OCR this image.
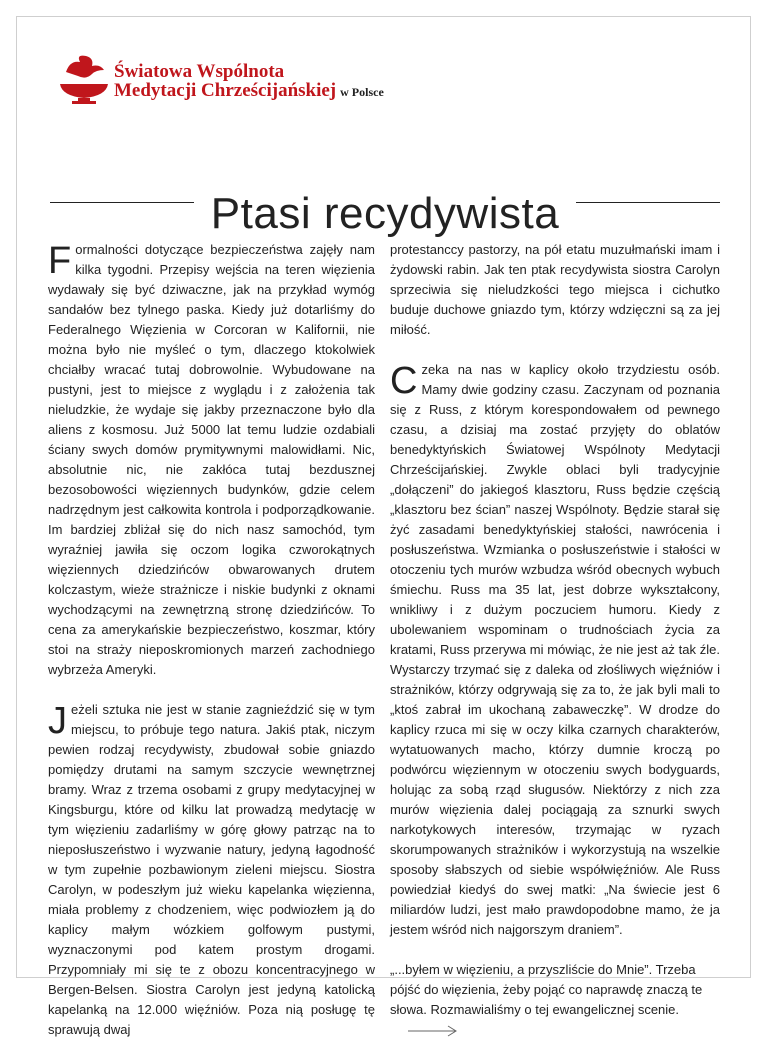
Światowa Wspólnota
Medytacji Chrześcijańskiej w Polsce
Ptasi recydywista

Formalności dotyczące bezpieczeństwa zajęły nam kilka tygodni. Przepisy wejścia na teren więzienia wydawały się być dziwaczne, jak na przykład wymóg sandałów bez tylnego paska. Kiedy już dotarliśmy do Federalnego Więzienia w Corcoran w Kalifornii, nie można było nie myśleć o tym, dlaczego ktokolwiek chciałby wracać tutaj dobrowolnie. Wybudowane na pustyni, jest to miejsce z wyglądu i z założenia tak nieludzkie, że wydaje się jakby przeznaczone było dla aliens z kosmosu. Już 5000 lat temu ludzie ozdabiali ściany swych domów prymitywnymi malowidłami. Nic, absolutnie nic, nie zakłóca tutaj bezdusznej bezosobowości więziennych budynków, gdzie celem nadrzędnym jest całkowita kontrola i podporządkowanie. Im bardziej zbliżał się do nich nasz samochód, tym wyraźniej jawiła się oczom logika czworokątnych więziennych dziedzińców obwarowanych drutem kolczastym, wieże strażnicze i niskie budynki z oknami wychodzącymi na zewnętrzną stronę dziedzińców. To cena za amerykańskie bezpieczeństwo, koszmar, który stoi na straży nieposkromionych marzeń zachodniego wybrzeża Ameryki.

Jeżeli sztuka nie jest w stanie zagnieździć się w tym miejscu, to próbuje tego natura. Jakiś ptak, niczym pewien rodzaj recydywisty, zbudował sobie gniazdo pomiędzy drutami na samym szczycie wewnętrznej bramy. Wraz z trzema osobami z grupy medytacyjnej w Kingsburgu, które od kilku lat prowadzą medytację w tym więzieniu zadarliśmy w górę głowy patrząc na to nieposłuszeństwo i wyzwanie natury, jedyną łagodność w tym zupełnie pozbawionym zieleni miejscu. Siostra Carolyn, w podeszłym już wieku kapelanka więzienna, miała problemy z chodzeniem, więc podwiozłem ją do kaplicy małym wózkiem golfowym pustymi, wyznaczonymi pod katem prostym drogami. Przypomniały mi się te z obozu koncentracyjnego w Bergen-Belsen. Siostra Carolyn jest jedyną katolicką kapelanką na 12.000 więźniów. Poza nią posługę tę sprawują dwaj

protestanccy pastorzy, na pół etatu muzułmański imam i żydowski rabin. Jak ten ptak recydywista siostra Carolyn sprzeciwia się nieludzkości tego miejsca i cichutko buduje duchowe gniazdo tym, którzy wdzięczni są za jej miłość.

Czeka na nas w kaplicy około trzydziestu osób. Mamy dwie godziny czasu. Zaczynam od poznania się z Russ, z którym korespondowałem od pewnego czasu, a dzisiaj ma zostać przyjęty do oblatów benedyktyńskich Światowej Wspólnoty Medytacji Chrześcijańskiej. Zwykle oblaci byli tradycyjnie „dołączeni” do jakiegoś klasztoru, Russ będzie częścią „klasztoru bez ścian” naszej Wspólnoty. Będzie starał się żyć zasadami benedyktyńskiej stałości, nawrócenia i posłuszeństwa. Wzmianka o posłuszeństwie i stałości w otoczeniu tych murów wzbudza wśród obecnych wybuch śmiechu. Russ ma 35 lat, jest dobrze wykształcony, wnikliwy i z dużym poczuciem humoru. Kiedy z ubolewaniem wspominam o trudnościach życia za kratami, Russ przerywa mi mówiąc, że nie jest aż tak źle. Wystarczy trzymać się z daleka od złośliwych więźniów i strażników, którzy odgrywają się za to, że jak byli mali to „ktoś zabrał im ukochaną zabaweczkę”. W drodze do kaplicy rzuca mi się w oczy kilka czarnych charakterów, wytatuowanych macho, którzy dumnie kroczą po podwórcu więziennym w otoczeniu swych bodyguards, holując za sobą rząd sługusów. Niektórzy z nich zza murów więzienia dalej pociągają za sznurki swych narkotykowych interesów, trzymając w ryzach skorumpowanych strażników i wykorzystują na wszelkie sposoby słabszych od siebie współwięźniów. Ale Russ powiedział kiedyś do swej matki: „Na świecie jest 6 miliardów ludzi, jest mało prawdopodobne mamo, że ja jestem wśród nich najgorszym draniem”.

„...byłem w więzieniu, a przyszliście do Mnie”. Trzeba pójść do więzienia, żeby pojąć co naprawdę znaczą te słowa. Rozmawialiśmy o tej ewangelicznej scenie.
